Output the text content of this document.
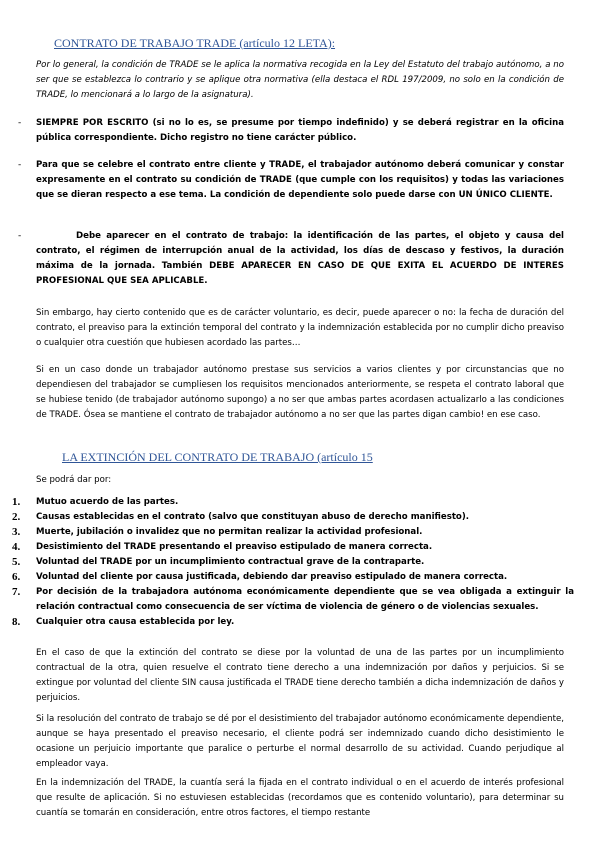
CONTRATO DE TRABAJO TRADE (artículo 12 LETA):
Por lo general, la condición de TRADE se le aplica la normativa recogida en la Ley del Estatuto del trabajo autónomo, a no ser que se establezca lo contrario y se aplique otra normativa (ella destaca el RDL 197/2009, no solo en la condición de TRADE, lo mencionará a lo largo de la asignatura).
- SIEMPRE POR ESCRITO (si no lo es, se presume por tiempo indefinido) y se deberá registrar en la oficina pública correspondiente. Dicho registro no tiene carácter público.
- Para que se celebre el contrato entre cliente y TRADE, el trabajador autónomo deberá comunicar y constar expresamente en el contrato su condición de TRADE (que cumple con los requisitos) y todas las variaciones que se dieran respecto a ese tema. La condición de dependiente solo puede darse con UN ÚNICO CLIENTE.
-	Debe aparecer en el contrato de trabajo: la identificación de las partes, el objeto y causa del contrato, el régimen de interrupción anual de la actividad, los días de descaso y festivos, la duración máxima de la jornada. También DEBE APARECER EN CASO DE QUE EXITA EL ACUERDO DE INTERES PROFESIONAL QUE SEA APLICABLE.
Sin embargo, hay cierto contenido que es de carácter voluntario, es decir, puede aparecer o no: la fecha de duración del contrato, el preaviso para la extinción temporal del contrato y la indemnización establecida por no cumplir dicho preaviso o cualquier otra cuestión que hubiesen acordado las partes…
Si en un caso donde un trabajador autónomo prestase sus servicios a varios clientes y por circunstancias que no dependiesen del trabajador se cumpliesen los requisitos mencionados anteriormente, se respeta el contrato laboral que se hubiese tenido (de trabajador autónomo supongo) a no ser que ambas partes acordasen actualizarlo a las condiciones de TRADE. Ósea se mantiene el contrato de trabajador autónomo a no ser que las partes digan cambio! en ese caso.
LA EXTINCIÓN DEL CONTRATO DE TRABAJO (artículo 15
Se podrá dar por:
1.	Mutuo acuerdo de las partes.
2.	Causas establecidas en el contrato (salvo que constituyan abuso de derecho manifiesto).
3.	Muerte, jubilación o invalidez que no permitan realizar la actividad profesional.
4.	Desistimiento del TRADE presentando el preaviso estipulado de manera correcta.
5.	Voluntad del TRADE por un incumplimiento contractual grave de la contraparte.
6.	Voluntad del cliente por causa justificada, debiendo dar preaviso estipulado de manera correcta.
7.	Por decisión de la trabajadora autónoma económicamente dependiente que se vea obligada a extinguir la relación contractual como consecuencia de ser víctima de violencia de género o de violencias sexuales.
8.	Cualquier otra causa establecida por ley.
En el caso de que la extinción del contrato se diese por la voluntad de una de las partes por un incumplimiento contractual de la otra, quien resuelve el contrato tiene derecho a una indemnización por daños y perjuicios. Si se extingue por voluntad del cliente SIN causa justificada el TRADE tiene derecho también a dicha indemnización de daños y perjuicios.
Si la resolución del contrato de trabajo se dé por el desistimiento del trabajador autónomo económicamente dependiente, aunque se haya presentado el preaviso necesario, el cliente podrá ser indemnizado cuando dicho desistimiento le ocasione un perjuicio importante que paralice o perturbe el normal desarrollo de su actividad. Cuando perjudique al empleador vaya.
En la indemnización del TRADE, la cuantía será la fijada en el contrato individual o en el acuerdo de interés profesional que resulte de aplicación. Si no estuviesen establecidas (recordamos que es contenido voluntario), para determinar su cuantía se tomarán en consideración, entre otros factores, el tiempo restante
